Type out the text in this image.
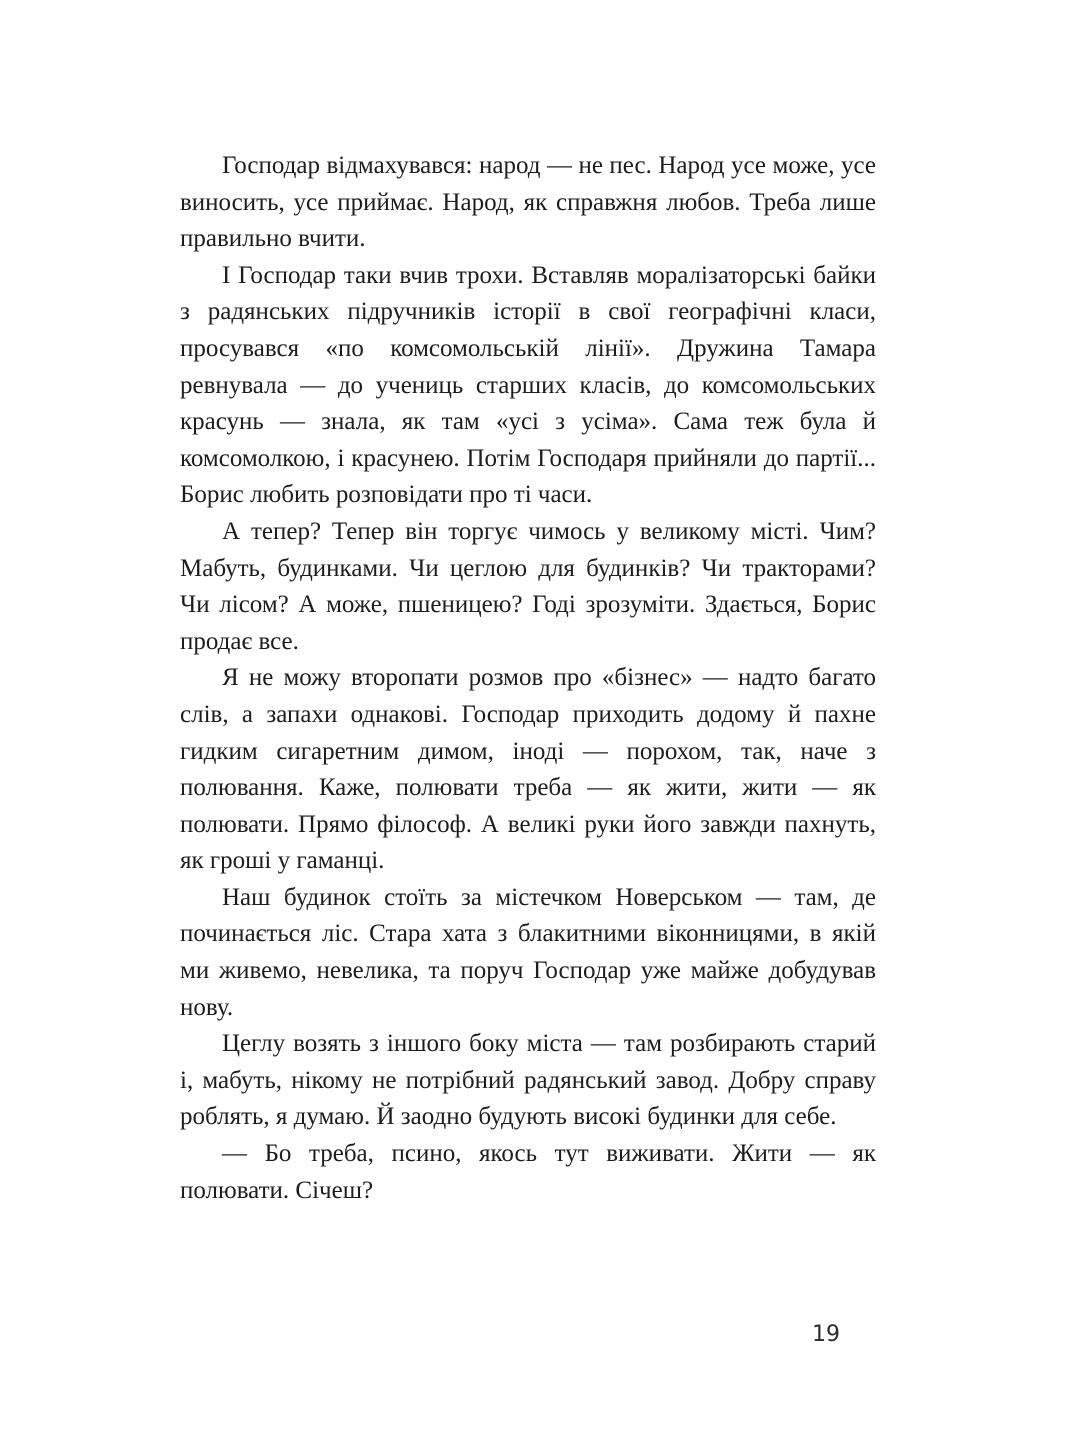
Господар відмахувався: народ — не пес. Народ усе може, усе виносить, усе приймає. Народ, як справжня любов. Треба лише правильно вчити.

І Господар таки вчив трохи. Вставляв моралізаторські байки з радянських підручників історії в свої географічні класи, просувався «по комсомольській лінії». Дружина Тамара ревнувала — до учениць старших класів, до комсомольських красунь — знала, як там «усі з усіма». Сама теж була й комсомолкою, і красунею. Потім Господаря прийняли до партії... Борис любить розповідати про ті часи.

А тепер? Тепер він торгує чимось у великому місті. Чим? Мабуть, будинками. Чи цеглою для будинків? Чи тракторами? Чи лісом? А може, пшеницею? Годі зрозуміти. Здається, Борис продає все.

Я не можу второпати розмов про «бізнес» — надто багато слів, а запахи однакові. Господар приходить додому й пахне гидким сигаретним димом, іноді — порохом, так, наче з полювання. Каже, полювати треба — як жити, жити — як полювати. Прямо філософ. А великі руки його завжди пахнуть, як гроші у гаманці.

Наш будинок стоїть за містечком Новерськом — там, де починається ліс. Стара хата з блакитними віконницями, в якій ми живемо, невелика, та поруч Господар уже майже добудував нову.

Цеглу возять з іншого боку міста — там розбирають старий і, мабуть, нікому не потрібний радянський завод. Добру справу роблять, я думаю. Й заодно будують високі будинки для себе.

— Бо треба, псино, якось тут виживати. Жити — як полювати. Січеш?

19
